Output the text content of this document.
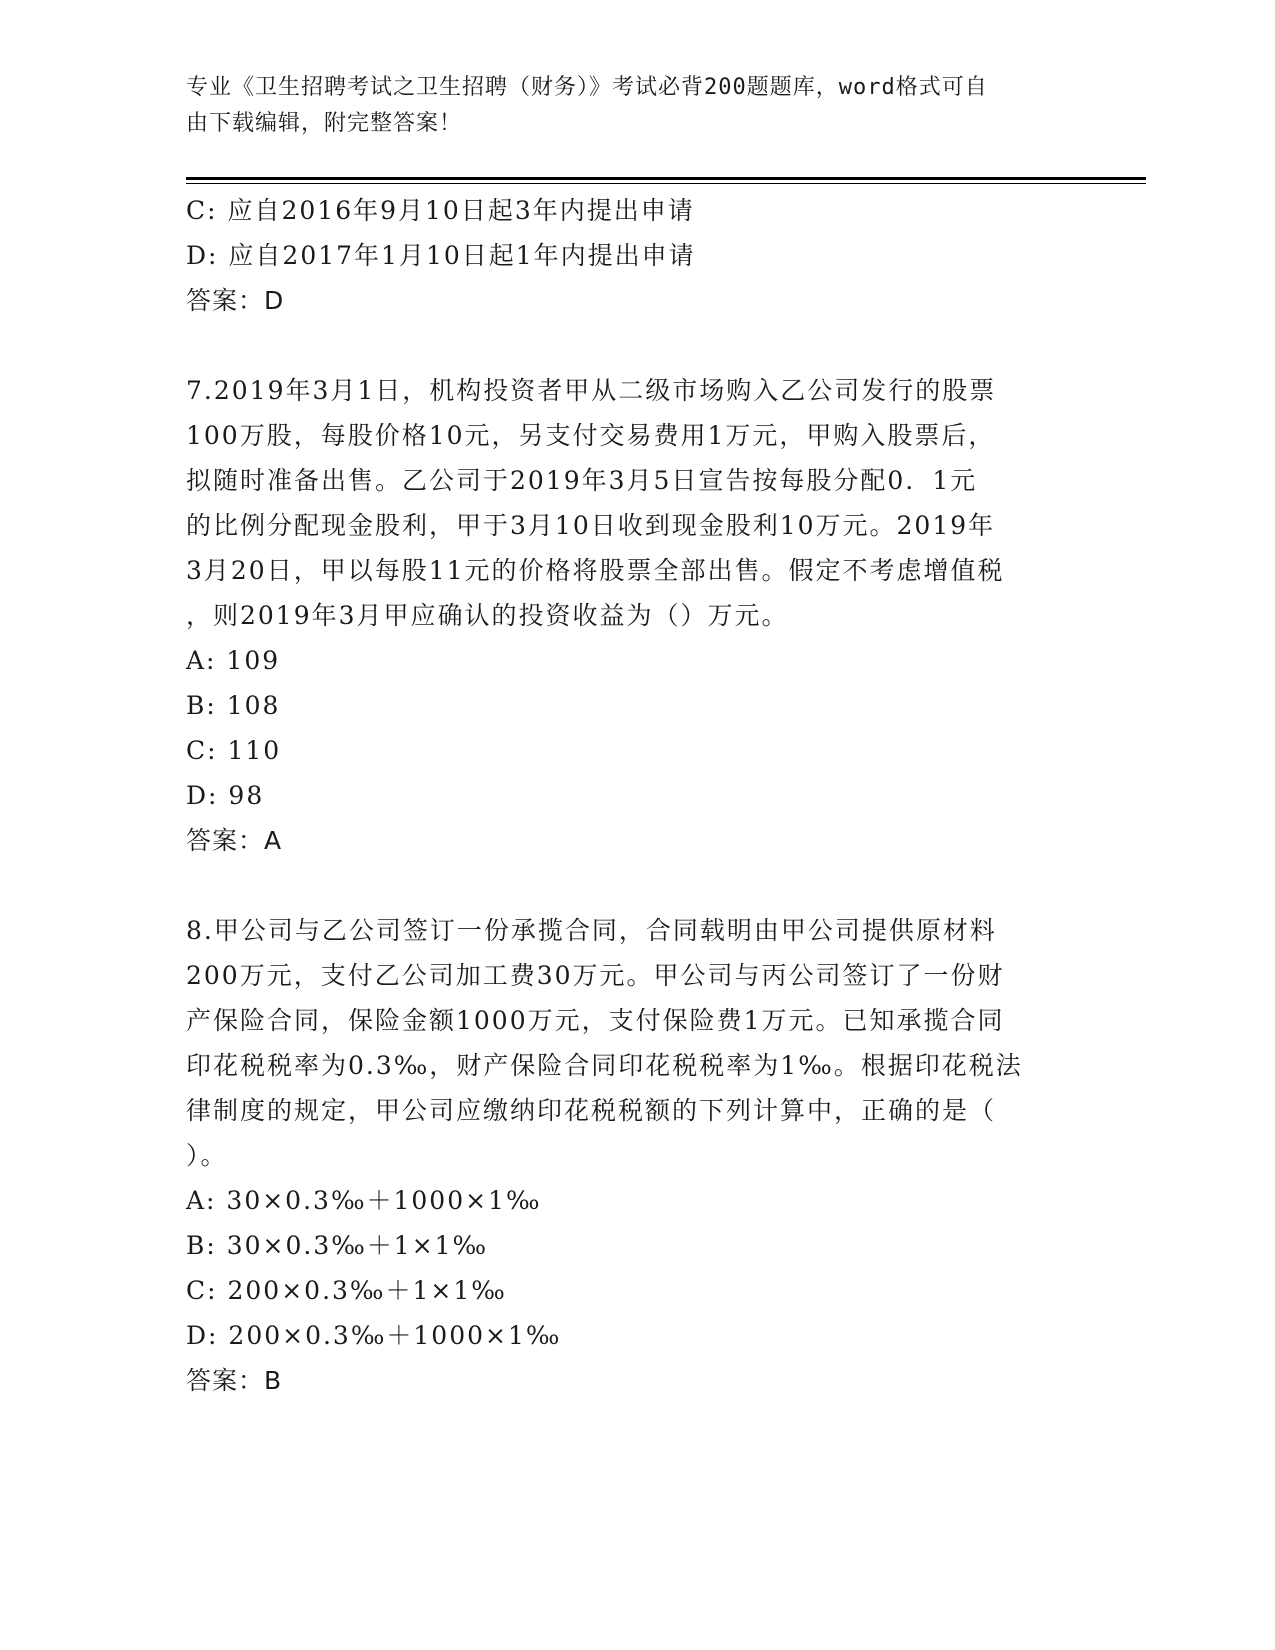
专业《卫生招聘考试之卫生招聘（财务）》考试必背200题题库，word格式可自
由下载编辑，附完整答案！
C: 应自2016年9月10日起3年内提出申请
D: 应自2017年1月10日起1年内提出申请
答案：D
7.2019年3月1日，机构投资者甲从二级市场购入乙公司发行的股票
100万股，每股价格10元，另支付交易费用1万元，甲购入股票后，
拟随时准备出售。乙公司于2019年3月5日宣告按每股分配0．1元
的比例分配现金股利，甲于3月10日收到现金股利10万元。2019年
3月20日，甲以每股11元的价格将股票全部出售。假定不考虑增值税
，则2019年3月甲应确认的投资收益为（）万元。
A: 109
B: 108
C: 110
D: 98
答案：A
8.甲公司与乙公司签订一份承揽合同，合同载明由甲公司提供原材料
200万元，支付乙公司加工费30万元。甲公司与丙公司签订了一份财
产保险合同，保险金额1000万元，支付保险费1万元。已知承揽合同
印花税税率为0.3‰，财产保险合同印花税税率为1‰。根据印花税法
律制度的规定，甲公司应缴纳印花税税额的下列计算中，正确的是（
）。
A: 30×0.3‰＋1000×1‰
B: 30×0.3‰＋1×1‰
C: 200×0.3‰＋1×1‰
D: 200×0.3‰＋1000×1‰
答案：B
